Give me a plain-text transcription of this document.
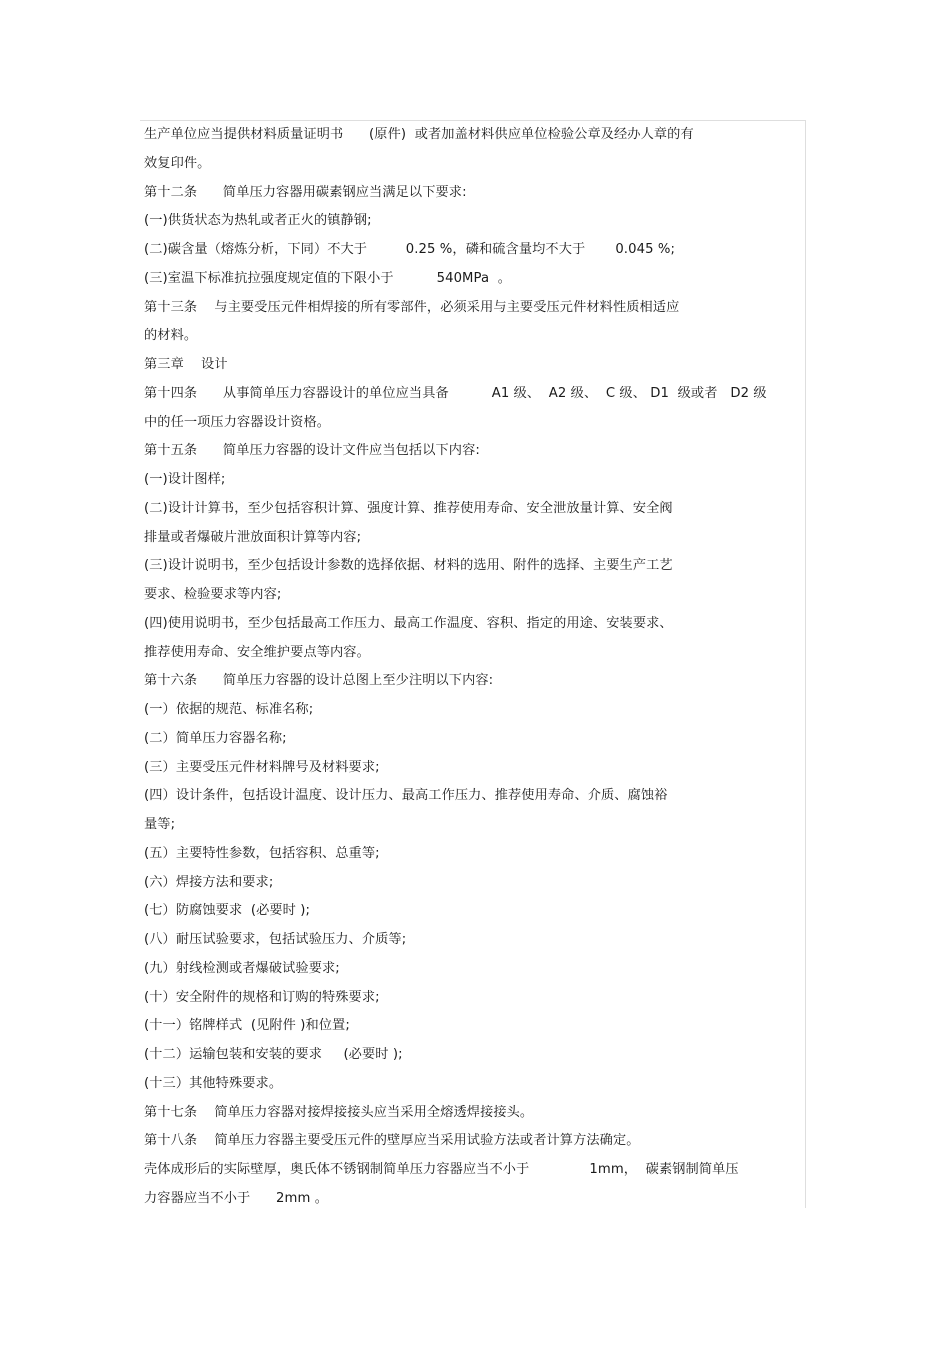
生产单位应当提供材料质量证明书      (原件)  或者加盖材料供应单位检验公章及经办人章的有
效复印件。
第十二条      简单压力容器用碳素钢应当满足以下要求:
(一)供货状态为热轧或者正火的镇静钢;
(二)碳含量（熔炼分析，下同）不大于         0.25 %，磷和硫含量均不大于       0.045 %;
(三)室温下标准抗拉强度规定值的下限小于          540MPa  。
第十三条    与主要受压元件相焊接的所有零部件，必须采用与主要受压元件材料性质相适应
的材料。
第三章    设计
第十四条      从事简单压力容器设计的单位应当具备          A1 级、  A2 级、  C 级、 D1  级或者   D2 级
中的任一项压力容器设计资格。
第十五条      简单压力容器的设计文件应当包括以下内容:
(一)设计图样;
(二)设计计算书，至少包括容积计算、强度计算、推荐使用寿命、安全泄放量计算、安全阀
排量或者爆破片泄放面积计算等内容;
(三)设计说明书，至少包括设计参数的选择依据、材料的选用、附件的选择、主要生产工艺
要求、检验要求等内容;
(四)使用说明书，至少包括最高工作压力、最高工作温度、容积、指定的用途、安装要求、
推荐使用寿命、安全维护要点等内容。
第十六条      简单压力容器的设计总图上至少注明以下内容:
(一）依据的规范、标准名称;
(二）简单压力容器名称;
(三）主要受压元件材料牌号及材料要求;
(四）设计条件，包括设计温度、设计压力、最高工作压力、推荐使用寿命、介质、腐蚀裕
量等;
(五）主要特性参数，包括容积、总重等;
(六）焊接方法和要求;
(七）防腐蚀要求  (必要时 );
(八）耐压试验要求，包括试验压力、介质等;
(九）射线检测或者爆破试验要求;
(十）安全附件的规格和订购的特殊要求;
(十一）铭牌样式  (见附件 )和位置;
(十二）运输包装和安装的要求     (必要时 );
(十三）其他特殊要求。
第十七条    简单压力容器对接焊接接头应当采用全熔透焊接接头。
第十八条    简单压力容器主要受压元件的壁厚应当采用试验方法或者计算方法确定。
壳体成形后的实际壁厚，奥氏体不锈钢制简单压力容器应当不小于              1mm，  碳素钢制简单压
力容器应当不小于      2mm 。
